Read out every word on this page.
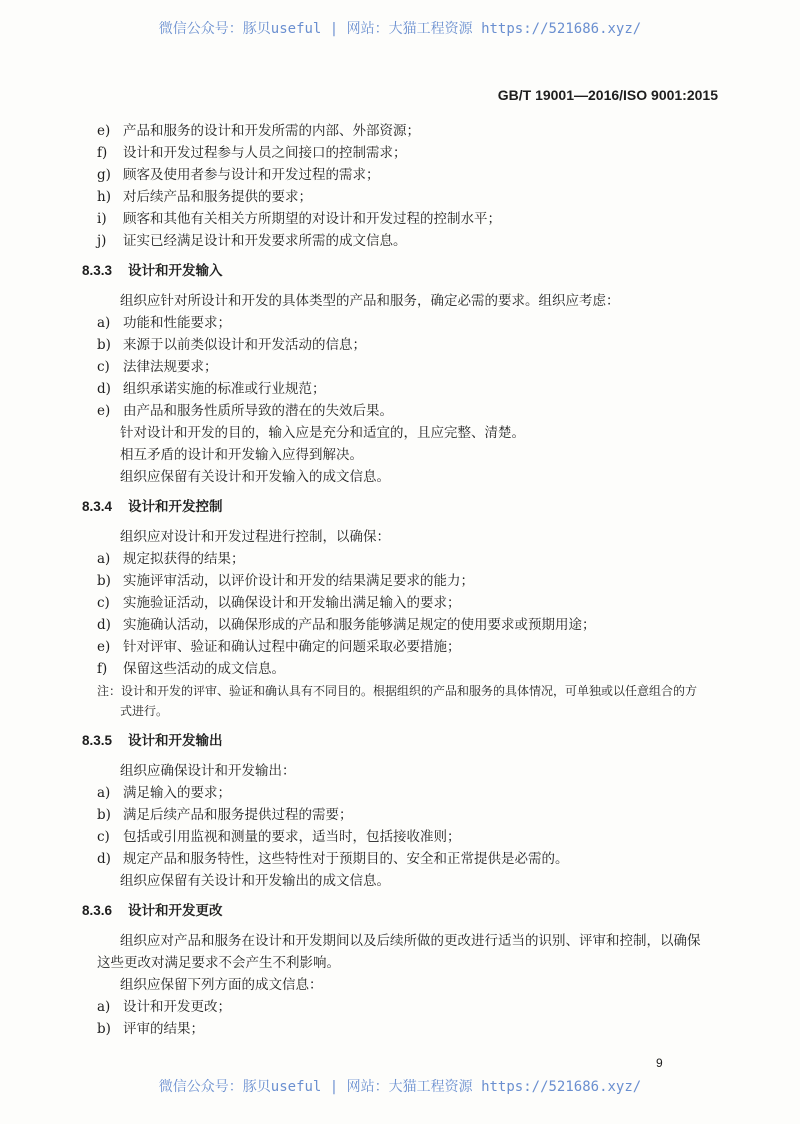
微信公众号：豚贝useful | 网站：大猫工程资源 https://521686.xyz/
GB/T 19001—2016/ISO 9001:2015
e) 产品和服务的设计和开发所需的内部、外部资源；
f) 设计和开发过程参与人员之间接口的控制需求；
g) 顾客及使用者参与设计和开发过程的需求；
h) 对后续产品和服务提供的要求；
i) 顾客和其他有关相关方所期望的对设计和开发过程的控制水平；
j) 证实已经满足设计和开发要求所需的成文信息。
8.3.3 设计和开发输入
组织应针对所设计和开发的具体类型的产品和服务，确定必需的要求。组织应考虑：
a) 功能和性能要求；
b) 来源于以前类似设计和开发活动的信息；
c) 法律法规要求；
d) 组织承诺实施的标准或行业规范；
e) 由产品和服务性质所导致的潜在的失效后果。
针对设计和开发的目的，输入应是充分和适宜的，且应完整、清楚。
相互矛盾的设计和开发输入应得到解决。
组织应保留有关设计和开发输入的成文信息。
8.3.4 设计和开发控制
组织应对设计和开发过程进行控制，以确保：
a) 规定拟获得的结果；
b) 实施评审活动，以评价设计和开发的结果满足要求的能力；
c) 实施验证活动，以确保设计和开发输出满足输入的要求；
d) 实施确认活动，以确保形成的产品和服务能够满足规定的使用要求或预期用途；
e) 针对评审、验证和确认过程中确定的问题采取必要措施；
f) 保留这些活动的成文信息。
注：设计和开发的评审、验证和确认具有不同目的。根据组织的产品和服务的具体情况，可单独或以任意组合的方
式进行。
8.3.5 设计和开发输出
组织应确保设计和开发输出：
a) 满足输入的要求；
b) 满足后续产品和服务提供过程的需要；
c) 包括或引用监视和测量的要求，适当时，包括接收准则；
d) 规定产品和服务特性，这些特性对于预期目的、安全和正常提供是必需的。
组织应保留有关设计和开发输出的成文信息。
8.3.6 设计和开发更改
组织应对产品和服务在设计和开发期间以及后续所做的更改进行适当的识别、评审和控制，以确保
这些更改对满足要求不会产生不利影响。
组织应保留下列方面的成文信息：
a) 设计和开发更改；
b) 评审的结果；
9
微信公众号：豚贝useful | 网站：大猫工程资源 https://521686.xyz/
